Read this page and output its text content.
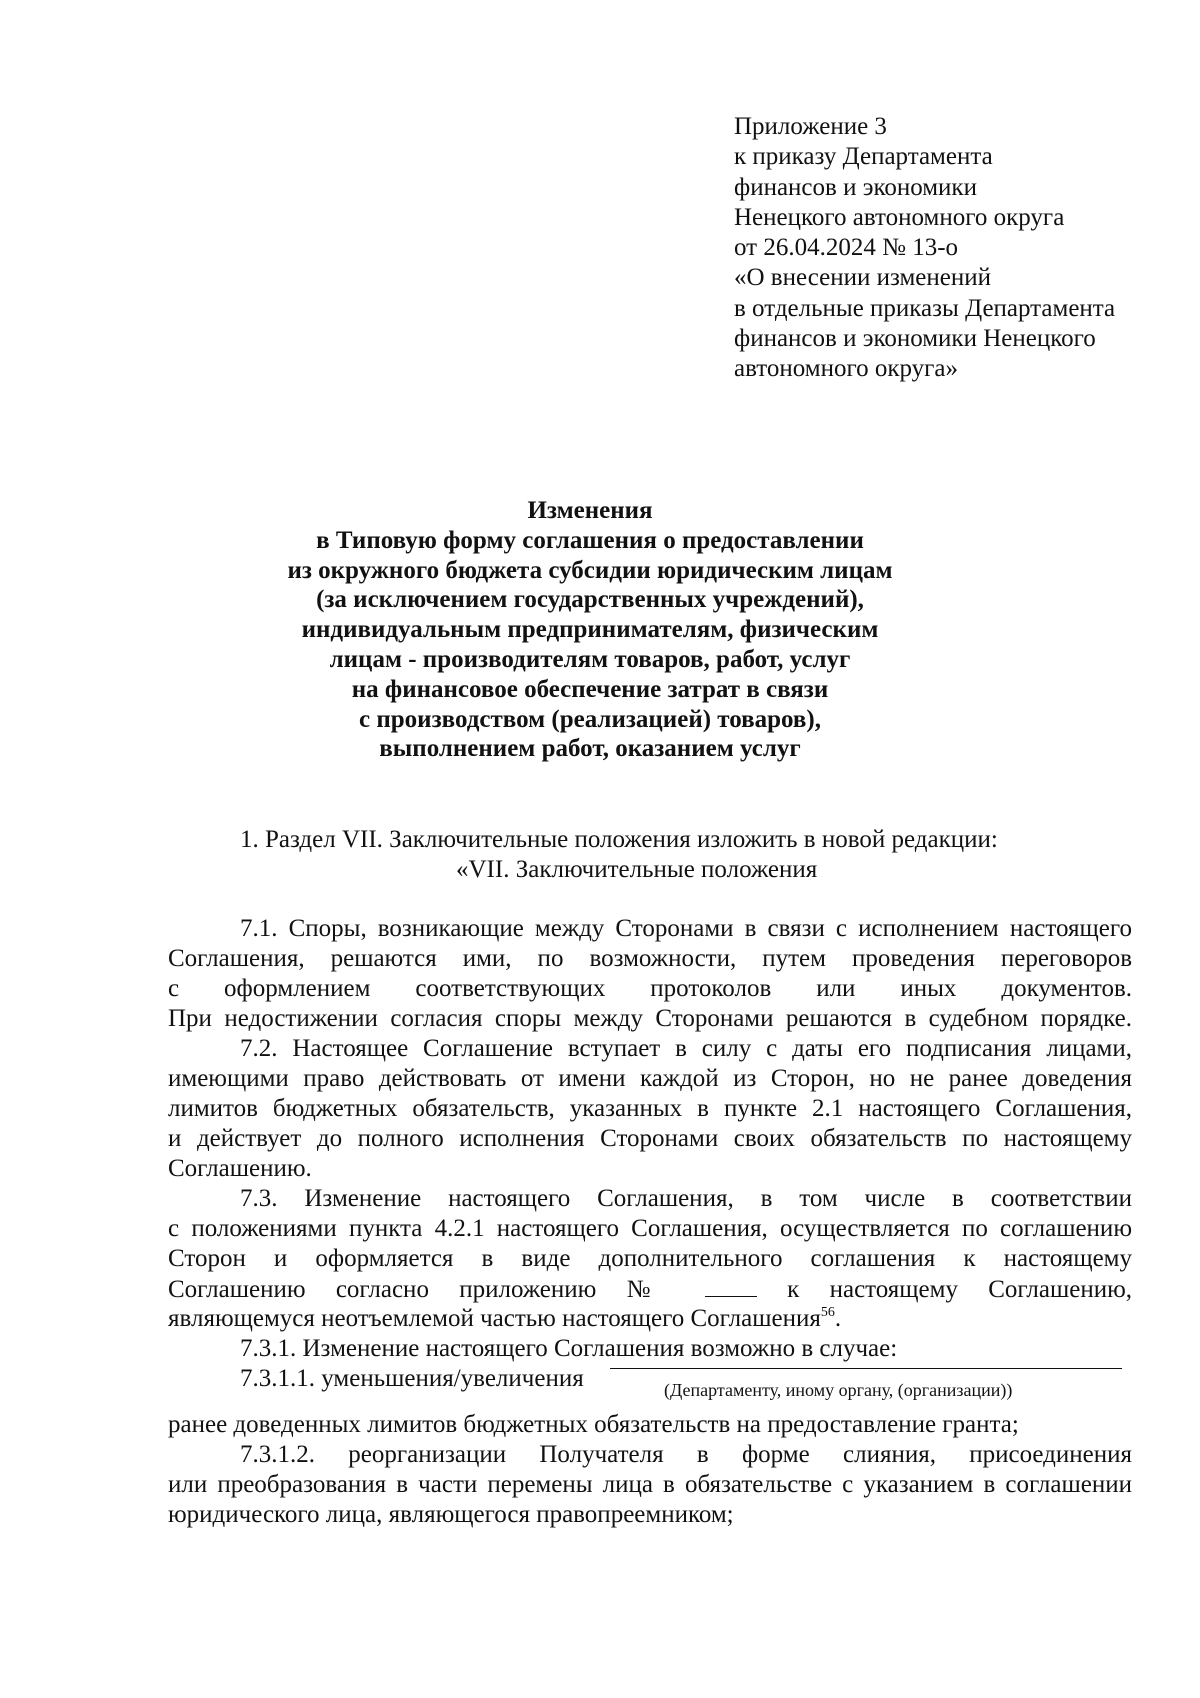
Приложение 3
к приказу Департамента
финансов и экономики
Ненецкого автономного округа
от 26.04.2024 № 13-о
«О внесении изменений
в отдельные приказы Департамента
финансов и экономики Ненецкого
автономного округа»
Изменения
в Типовую форму соглашения о предоставлении
из окружного бюджета субсидии юридическим лицам
(за исключением государственных учреждений),
индивидуальным предпринимателям, физическим
лицам - производителям товаров, работ, услуг
на финансовое обеспечение затрат в связи
с производством (реализацией) товаров),
выполнением работ, оказанием услуг
1. Раздел VII. Заключительные положения изложить в новой редакции:
«VII. Заключительные положения
7.1. Споры, возникающие между Сторонами в связи с исполнением настоящего
Соглашения, решаются ими, по возможности, путем проведения переговоров
с оформлением соответствующих протоколов или иных документов.
При недостижении согласия споры между Сторонами решаются в судебном порядке.
7.2. Настоящее Соглашение вступает в силу с даты его подписания лицами,
имеющими право действовать от имени каждой из Сторон, но не ранее доведения
лимитов бюджетных обязательств, указанных в пункте 2.1 настоящего Соглашения,
и действует до полного исполнения Сторонами своих обязательств по настоящему
Соглашению.
7.3. Изменение настоящего Соглашения, в том числе в соответствии
с положениями пункта 4.2.1 настоящего Соглашения, осуществляется по соглашению
Сторон и оформляется в виде дополнительного соглашения к настоящему
Соглашению согласно приложению №	к настоящему Соглашению,
являющемуся неотъемлемой частью настоящего Соглашения$^{56}$.
7.3.1. Изменение настоящего Соглашения возможно в случае:
7.3.1.1. уменьшения/увеличения	(Департаменту, иному органу, (организации))
ранее доведенных лимитов бюджетных обязательств на предоставление гранта;
7.3.1.2. реорганизации Получателя в форме слияния, присоединения
или преобразования в части перемены лица в обязательстве с указанием в соглашении
юридического лица, являющегося правопреемником;
